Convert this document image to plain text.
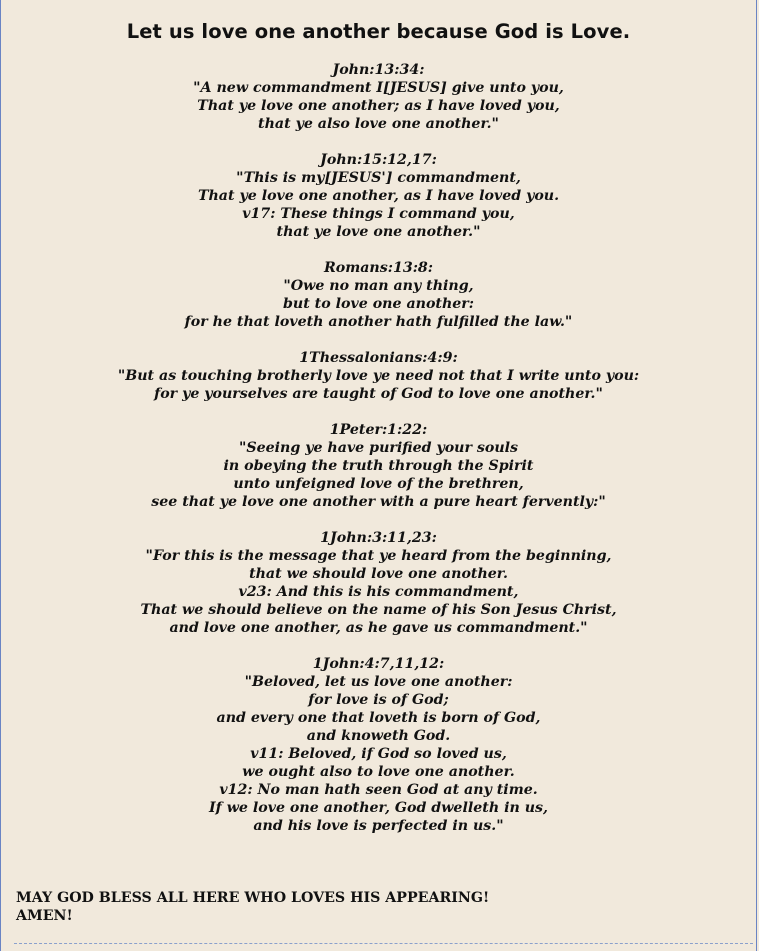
Let us love one another because God is Love.
John:13:34:
"A new commandment I[JESUS] give unto you,
That ye love one another; as I have loved you,
that ye also love one another."
John:15:12,17:
"This is my[JESUS'] commandment,
That ye love one another, as I have loved you.
v17: These things I command you,
that ye love one another."
Romans:13:8:
"Owe no man any thing,
but to love one another:
for he that loveth another hath fulfilled the law."
1Thessalonians:4:9:
"But as touching brotherly love ye need not that I write unto you:
for ye yourselves are taught of God to love one another."
1Peter:1:22:
"Seeing ye have purified your souls
in obeying the truth through the Spirit
unto unfeigned love of the brethren,
see that ye love one another with a pure heart fervently:"
1John:3:11,23:
"For this is the message that ye heard from the beginning,
that we should love one another.
v23: And this is his commandment,
That we should believe on the name of his Son Jesus Christ,
and love one another, as he gave us commandment."
1John:4:7,11,12:
"Beloved, let us love one another:
for love is of God;
and every one that loveth is born of God,
and knoweth God.
v11: Beloved, if God so loved us,
we ought also to love one another.
v12: No man hath seen God at any time.
If we love one another, God dwelleth in us,
and his love is perfected in us."
MAY GOD BLESS ALL HERE WHO LOVES HIS APPEARING!
AMEN!
